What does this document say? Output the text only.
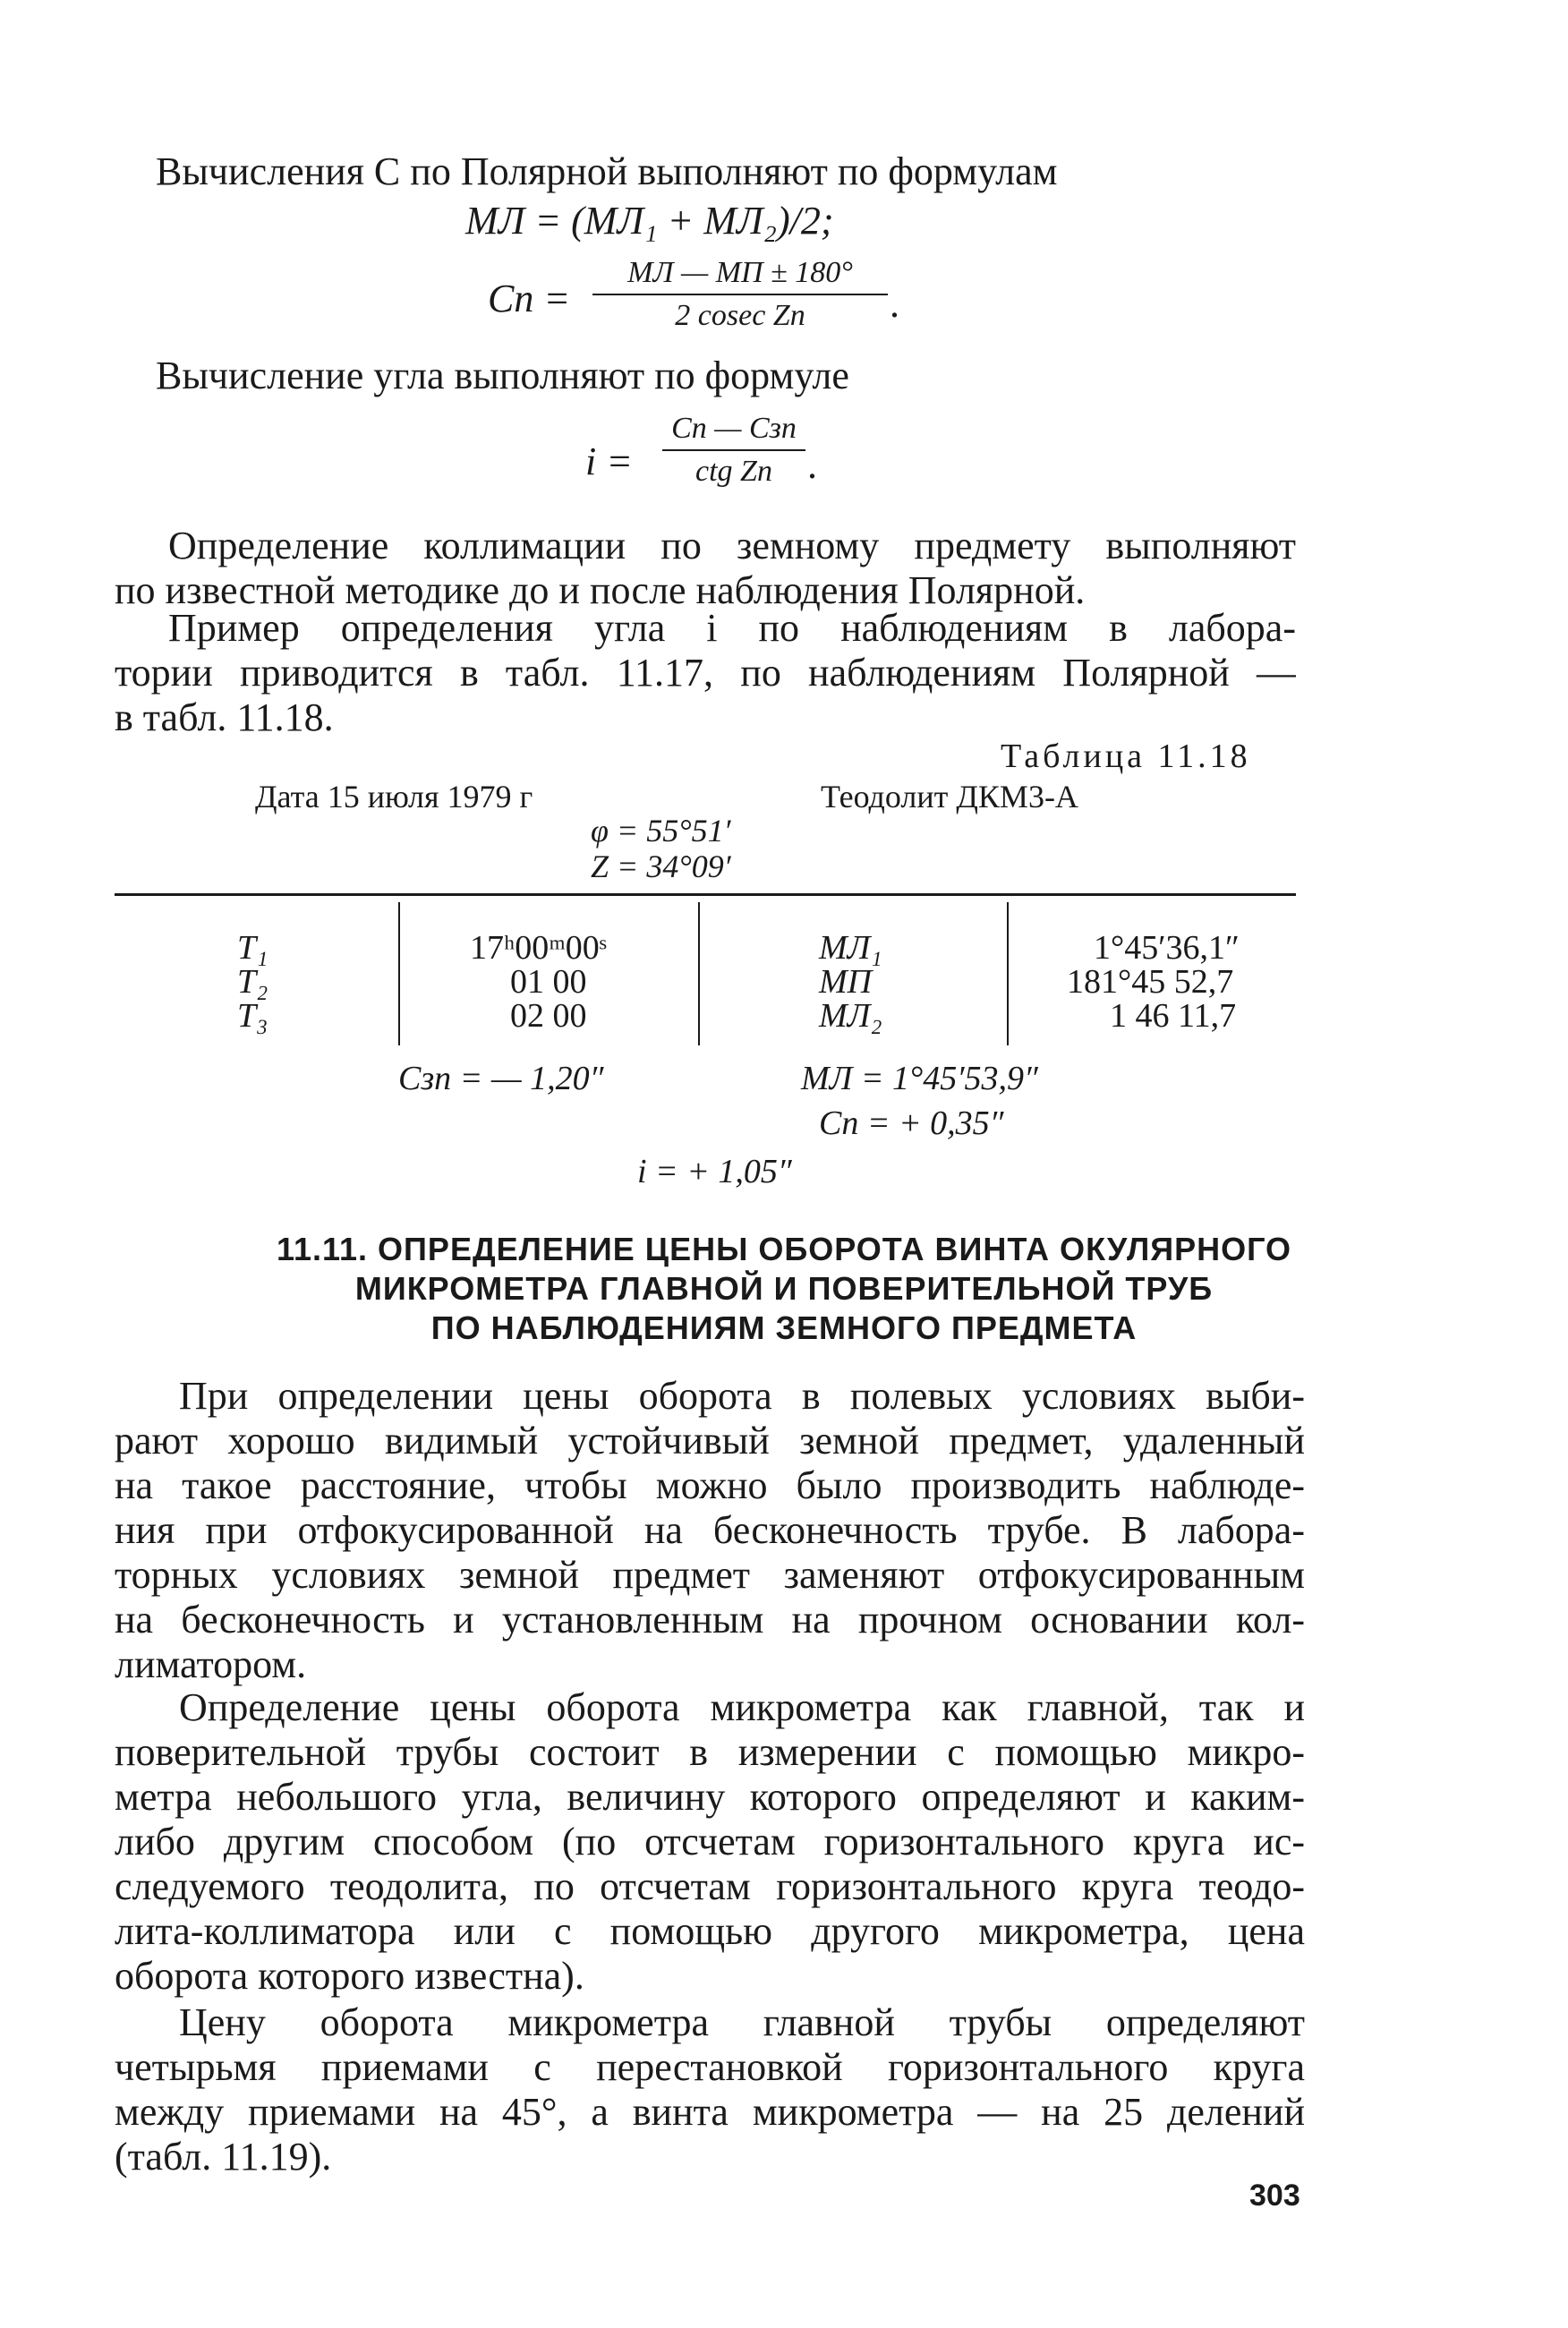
Вычисления C по Полярной выполняют по формулам
МЛ = (МЛ₁ + МЛ₂)/2;
Cп =
МЛ — МП ± 180°
2 cosec Zп	.
Вычисление угла выполняют по формуле
i =
Cп — Cзп
ctg Zп .
Определение коллимации по земному предмету выполняют
по известной методике до и после наблюдения Полярной.
Пример определения угла i по наблюдениям в лабора-
тории приводится в табл. 11.17, по наблюдениям Полярной —
в табл. 11.18.
Таблица 11.18
Дата 15 июля 1979 г	Теодолит ДКМ3-А
φ = 55°51′
Z = 34°09′
T₁	17ʰ00ᵐ00ˢ	МЛ₁	1°45′36,1″
T₂	01 00	МП	181°45 52,7
T₃	02 00	МЛ₂	1 46 11,7
Cзп = — 1,20″	МЛ = 1°45′53,9″
Cп = + 0,35″
i = + 1,05″
11.11. ОПРЕДЕЛЕНИЕ ЦЕНЫ ОБОРОТА ВИНТА ОКУЛЯРНОГО
МИКРОМЕТРА ГЛАВНОЙ И ПОВЕРИТЕЛЬНОЙ ТРУБ
ПО НАБЛЮДЕНИЯМ ЗЕМНОГО ПРЕДМЕТА
При определении цены оборота в полевых условиях выби-
рают хорошо видимый устойчивый земной предмет, удаленный
на такое расстояние, чтобы можно было производить наблюде-
ния при отфокусированной на бесконечность трубе. В лабора-
торных условиях земной предмет заменяют отфокусированным
на бесконечность и установленным на прочном основании кол-
лиматором.
Определение цены оборота микрометра как главной, так и
поверительной трубы состоит в измерении с помощью микро-
метра небольшого угла, величину которого определяют и каким-
либо другим способом (по отсчетам горизонтального круга ис-
следуемого теодолита, по отсчетам горизонтального круга теодо-
лита-коллиматора или с помощью другого микрометра, цена
оборота которого известна).
Цену оборота микрометра главной трубы определяют
четырьмя приемами с перестановкой горизонтального круга
между приемами на 45°, а винта микрометра — на 25 делений
(табл. 11.19).
303
